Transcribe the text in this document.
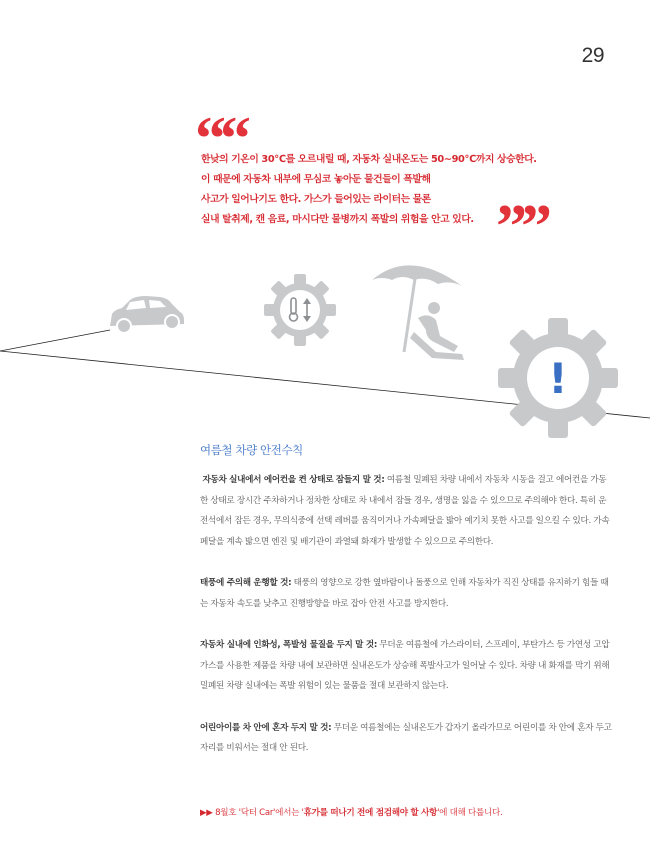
29
““
한낮의 기온이 30℃를 오르내릴 때, 자동차 실내온도는 50∼90℃까지 상승한다.
이 때문에 자동차 내부에 무심코 놓아둔 물건들이 폭발해
사고가 일어나기도 한다. 가스가 들어있는 라이터는 물론
실내 탈취제, 캔 음료, 마시다만 물병까지 폭발의 위험을 안고 있다. ””
!
여름철 차량 안전수칙

자동차 실내에서 에어컨을 켠 상태로 잠들지 말 것: 여름철 밀폐된 차량 내에서 자동차 시동을 걸고 에어컨을 가동한 상태로 장시간 주차하거나 정차한 상태로 차 내에서 잠들 경우, 생명을 잃을 수 있으므로 주의해야 한다. 특히 운전석에서 잠든 경우, 무의식중에 선택 레버를 움직이거나 가속페달을 밟아 예기치 못한 사고를 일으킬 수 있다. 가속페달을 계속 밟으면 엔진 및 배기관이 과열돼 화재가 발생할 수 있으므로 주의한다.

태풍에 주의해 운행할 것: 태풍의 영향으로 강한 옆바람이나 돌풍으로 인해 자동차가 직진 상태를 유지하기 힘들 때는 자동차 속도를 낮추고 진행방향을 바로 잡아 안전 사고를 방지한다.

자동차 실내에 인화성, 폭발성 물질을 두지 말 것: 무더운 여름철에 가스라이터, 스프레이, 부탄가스 등 가연성 고압가스를 사용한 제품을 차량 내에 보관하면 실내온도가 상승해 폭발사고가 일어날 수 있다. 차량 내 화재를 막기 위해 밀폐된 차량 실내에는 폭발 위험이 있는 물품을 절대 보관하지 않는다.

어린아이를 차 안에 혼자 두지 말 것: 무더운 여름철에는 실내온도가 갑자기 올라가므로 어린이를 차 안에 혼자 두고 자리를 비워서는 절대 안 된다.

▶▶ 8월호 '닥터 Car'에서는 '휴가를 떠나기 전에 점검해야 할 사항'에 대해 다룹니다.
